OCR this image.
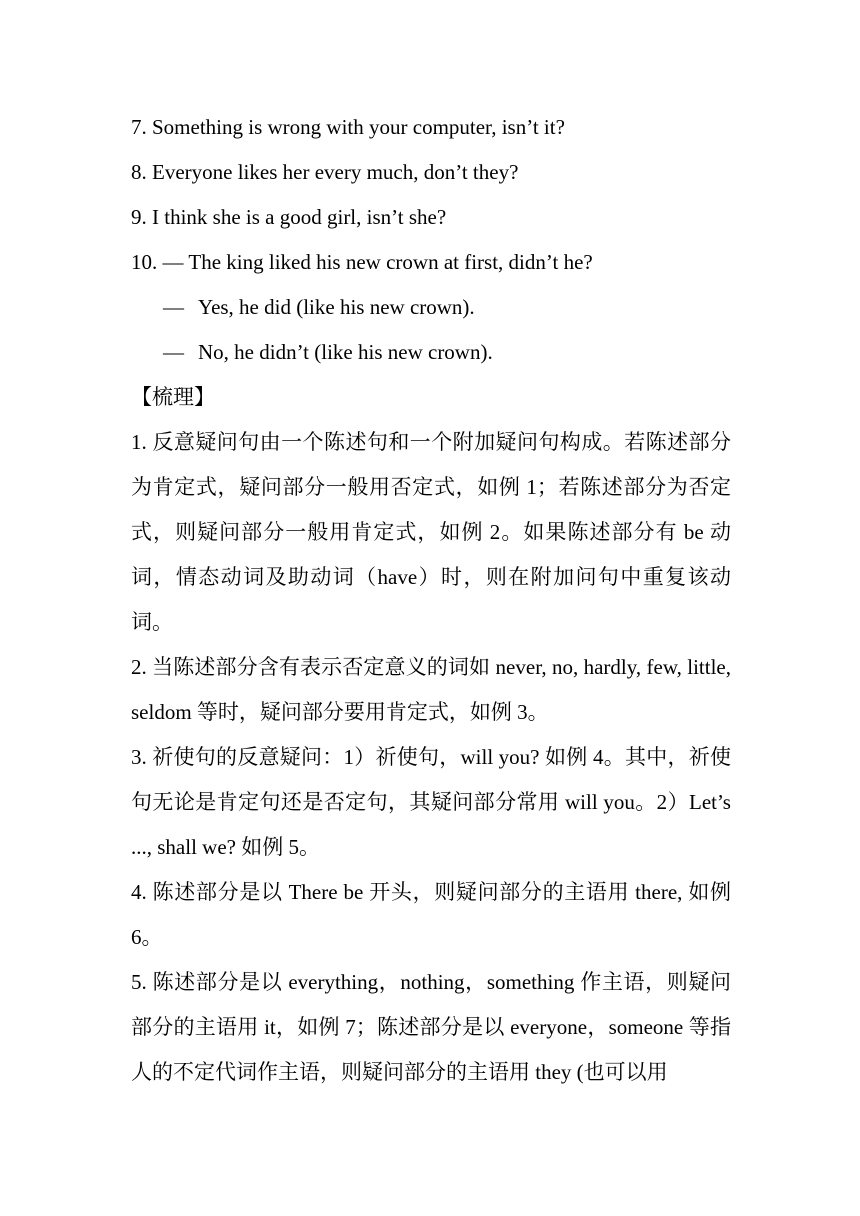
7. Something is wrong with your computer, isn’t it?
8. Everyone likes her every much, don’t they?
9. I think she is a good girl, isn’t she?
10. — The king liked his new crown at first, didn’t he?
— Yes, he did (like his new crown).
— No, he didn’t (like his new crown).
【梳理】
1. 反意疑问句由一个陈述句和一个附加疑问句构成。若陈述部分为肯定式，疑问部分一般用否定式，如例 1；若陈述部分为否定式，则疑问部分一般用肯定式，如例 2。如果陈述部分有 be 动词，情态动词及助动词（have）时，则在附加问句中重复该动词。
2. 当陈述部分含有表示否定意义的词如 never, no, hardly, few, little, seldom 等时，疑问部分要用肯定式，如例 3。
3. 祈使句的反意疑问：1）祈使句，will you? 如例 4。其中，祈使句无论是肯定句还是否定句，其疑问部分常用 will you。2）Let’s ..., shall we? 如例 5。
4. 陈述部分是以 There be 开头，则疑问部分的主语用 there, 如例 6。
5. 陈述部分是以 everything，nothing，something 作主语，则疑问部分的主语用 it，如例 7；陈述部分是以 everyone，someone 等指人的不定代词作主语，则疑问部分的主语用 they (也可以用
